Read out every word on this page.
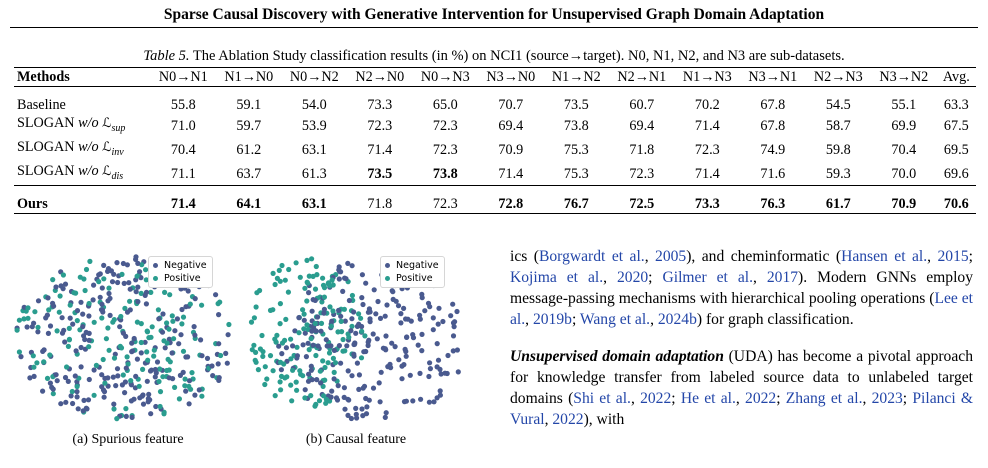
Sparse Causal Discovery with Generative Intervention for Unsupervised Graph Domain Adaptation
Table 5. The Ablation Study classification results (in %) on NCI1 (source→target). N0, N1, N2, and N3 are sub-datasets.
Methods	N0→N1	N1→N0	N0→N2	N2→N0	N0→N3	N3→N0	N1→N2	N2→N1	N1→N3	N3→N1	N2→N3	N3→N2	Avg.

Baseline	55.8	59.1	54.0	73.3	65.0	70.7	73.5	60.7	70.2	67.8	54.5	55.1	63.3
SLOGAN w/o ℒ$_{sup}$	71.0	59.7	53.9	72.3	72.3	69.4	73.8	69.4	71.4	67.8	58.7	69.9	67.5
SLOGAN w/o ℒ$_{inv}$	70.4	61.2	63.1	71.4	72.3	70.9	75.3	71.8	72.3	74.9	59.8	70.4	69.5
SLOGAN w/o ℒ$_{dis}$	71.1	63.7	61.3	73.5	73.8	71.4	75.3	72.3	71.4	71.6	59.3	70.0	69.6

Ours	71.4	64.1	63.1	71.8	72.3	72.8	76.7	72.5	73.3	76.3	61.7	70.9	70.6
Negative
Positive
(a) Spurious feature
Negative
Positive
(b) Causal feature

ics (Borgwardt et al., 2005), and cheminformatic (Hansen et al., 2015; Kojima et al., 2020; Gilmer et al., 2017). Modern GNNs employ message-passing mechanisms with hierarchical pooling operations (Lee et al., 2019b; Wang et al., 2024b) for graph classification.

Unsupervised domain adaptation (UDA) has become a pivotal approach for knowledge transfer from labeled source data to unlabeled target domains (Shi et al., 2022; He et al., 2022; Zhang et al., 2023; Pilanci & Vural, 2022), with
